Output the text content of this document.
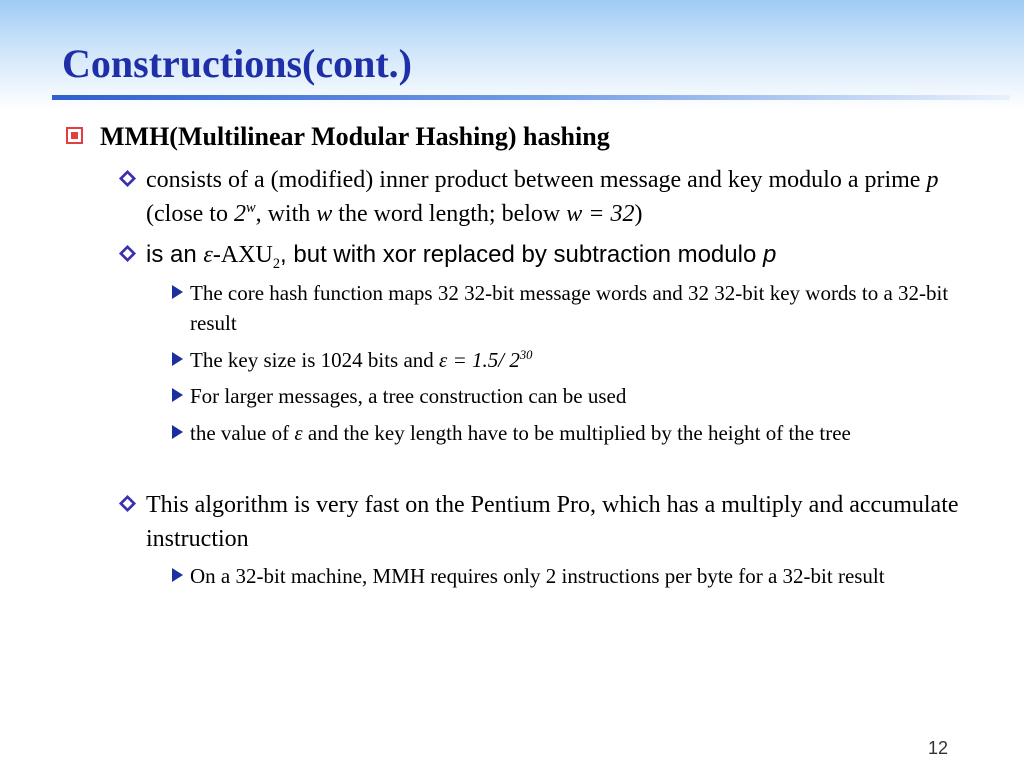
Constructions(cont.)
MMH(Multilinear Modular Hashing) hashing
consists of a (modified) inner product between message and key modulo a prime p (close to 2$^w$, with w the word length; below w = 32)
is an $\varepsilon-AXU_2$, but with xor replaced by subtraction modulo p
The core hash function maps 32 32-bit message words and 32 32-bit key words to a 32-bit result
The key size is 1024 bits and ε = 1.5/ $2^{30}$
For larger messages, a tree construction can be used
the value of ε and the key length have to be multiplied by the height of the tree
This algorithm is very fast on the Pentium Pro, which has a multiply and accumulate instruction
On a 32-bit machine, MMH requires only 2 instructions per byte for a 32-bit result
12
